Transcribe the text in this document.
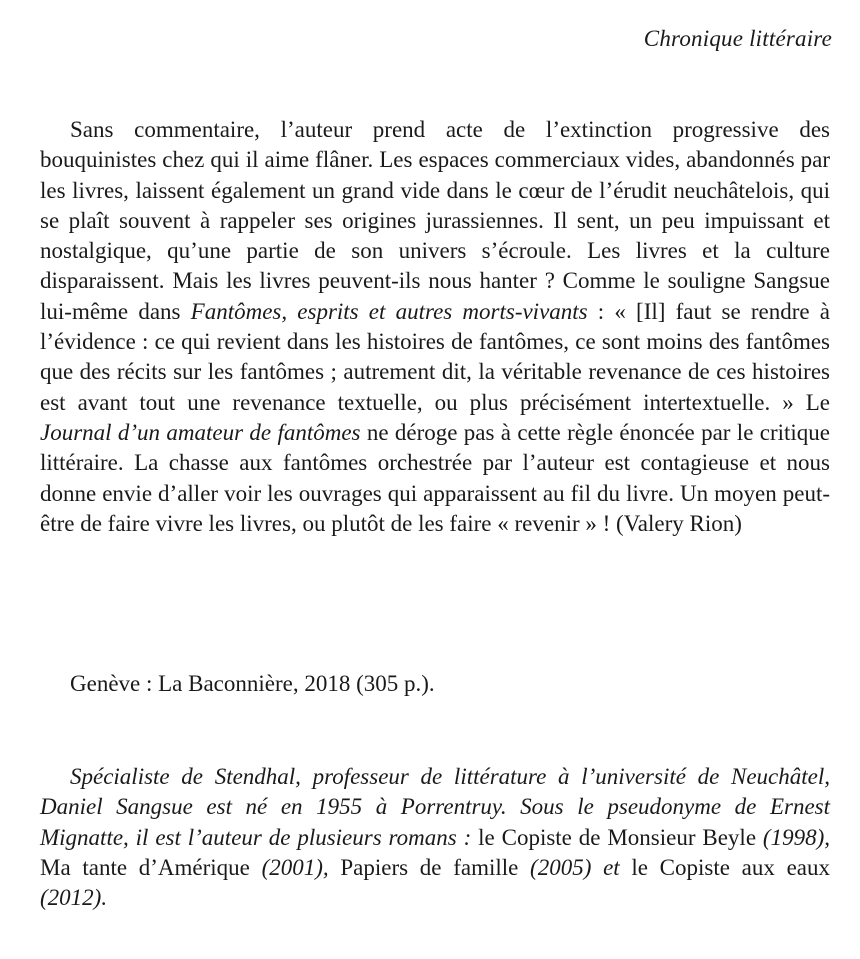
Chronique littéraire

Sans commentaire, l’auteur prend acte de l’extinction progressive des bouquinistes chez qui il aime flâner. Les espaces commerciaux vides, abandonnés par les livres, laissent également un grand vide dans le cœur de l’érudit neuchâtelois, qui se plaît souvent à rappeler ses origines jurassiennes. Il sent, un peu impuissant et nostalgique, qu’une partie de son univers s’écroule. Les livres et la culture disparaissent. Mais les livres peuvent-ils nous hanter ? Comme le souligne Sangsue lui-même dans Fantômes, esprits et autres morts-vivants : « [Il] faut se rendre à l’évidence : ce qui revient dans les histoires de fantômes, ce sont moins des fantômes que des récits sur les fantômes ; autrement dit, la véritable revenance de ces histoires est avant tout une revenance textuelle, ou plus précisément intertextuelle. » Le Journal d’un amateur de fantômes ne déroge pas à cette règle énoncée par le critique littéraire. La chasse aux fantômes orchestrée par l’auteur est contagieuse et nous donne envie d’aller voir les ouvrages qui apparaissent au fil du livre. Un moyen peut-être de faire vivre les livres, ou plutôt de les faire « revenir » ! (Valery Rion)

Genève : La Baconnière, 2018 (305 p.).

Spécialiste de Stendhal, professeur de littérature à l’université de Neuchâtel, Daniel Sangsue est né en 1955 à Porrentruy. Sous le pseudonyme de Ernest Mignatte, il est l’auteur de plusieurs romans : le Copiste de Monsieur Beyle (1998), Ma tante d’Amérique (2001), Papiers de famille (2005) et le Copiste aux eaux (2012).
